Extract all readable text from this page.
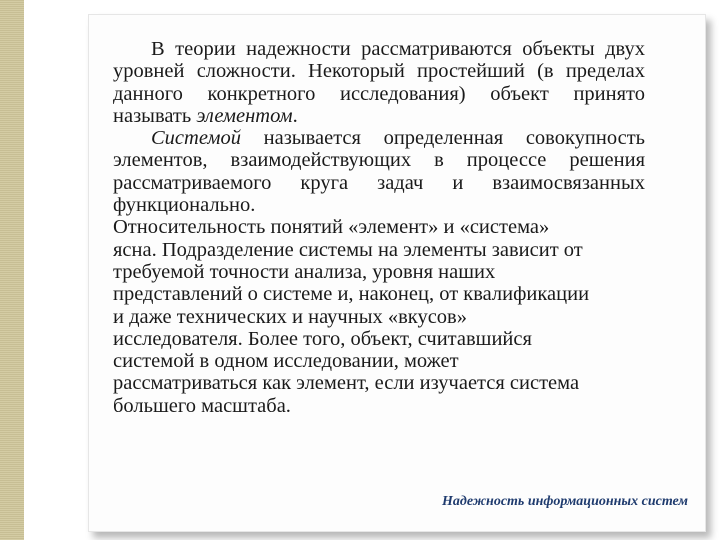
В теории надежности рассматриваются объекты двух уровней сложности. Некоторый простейший (в пределах данного конкретного исследования) объект принято называть элементом.

Системой называется определенная совокупность элементов, взаимодействующих в процессе решения рассматриваемого круга задач и взаимосвязанных функционально.

Относительность понятий «элемент» и «система»
ясна. Подразделение системы на элементы зависит от
требуемой точности анализа, уровня наших
представлений о системе и, наконец, от квалификации
и даже технических и научных «вкусов»
исследователя. Более того, объект, считавшийся
системой в одном исследовании, может
рассматриваться как элемент, если изучается система
большего масштаба.
Надежность информационных систем
